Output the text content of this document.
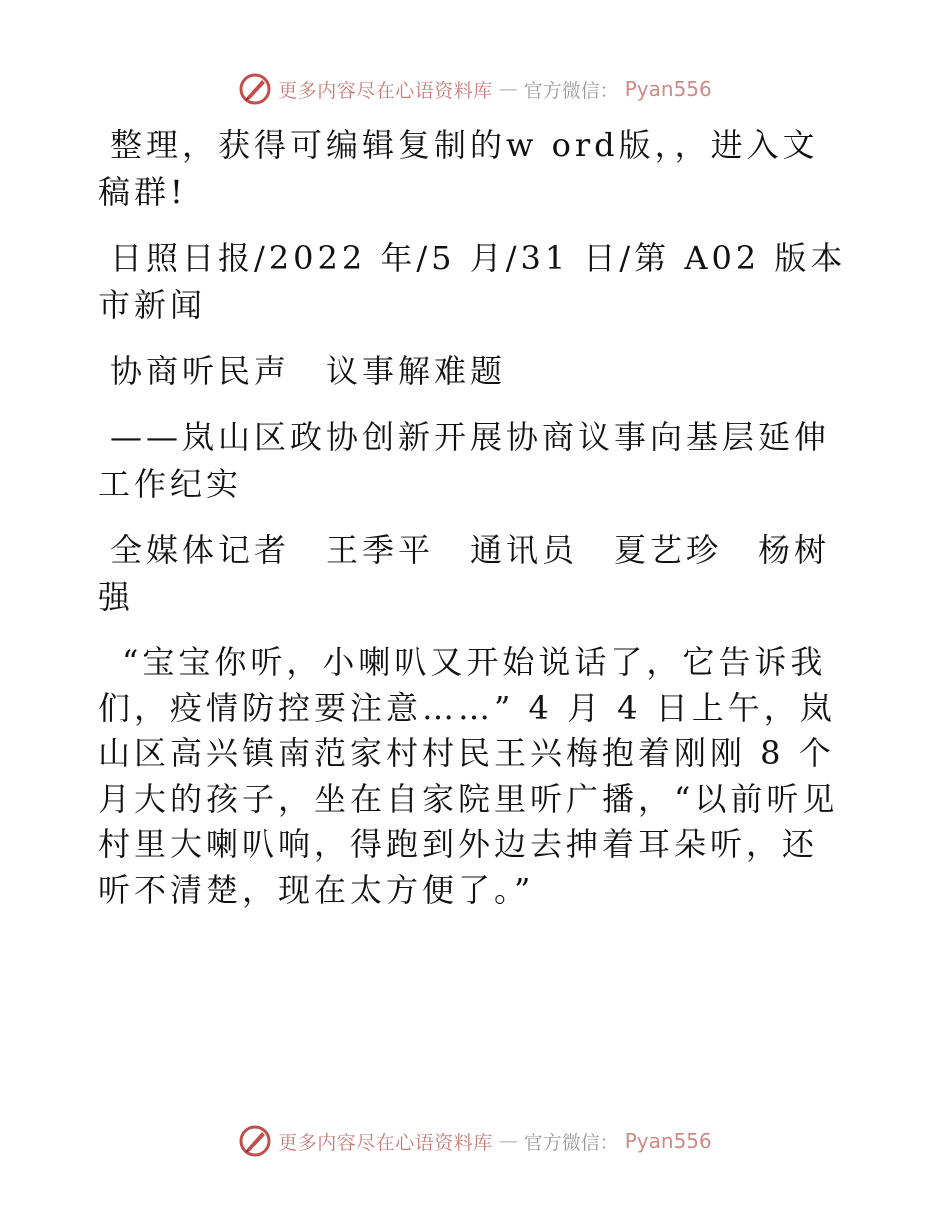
更多内容尽在心语资料库 — 官方微信： Pyan556

整理，获得可编辑复制的w ord版，，进入文稿群!

日照日报/2022 年/5 月/31 日/第 A02 版本市新闻

协商听民声　议事解难题

——岚山区政协创新开展协商议事向基层延伸工作纪实

全媒体记者　王季平　通讯员　夏艺珍　杨树强

“宝宝你听，小喇叭又开始说话了，它告诉我们，疫情防控要注意……” 4 月 4 日上午，岚山区高兴镇南范家村村民王兴梅抱着刚刚 8 个月大的孩子，坐在自家院里听广播，“以前听见村里大喇叭响，得跑到外边去抻着耳朵听，还听不清楚，现在太方便了。”

更多内容尽在心语资料库 — 官方微信： Pyan556
